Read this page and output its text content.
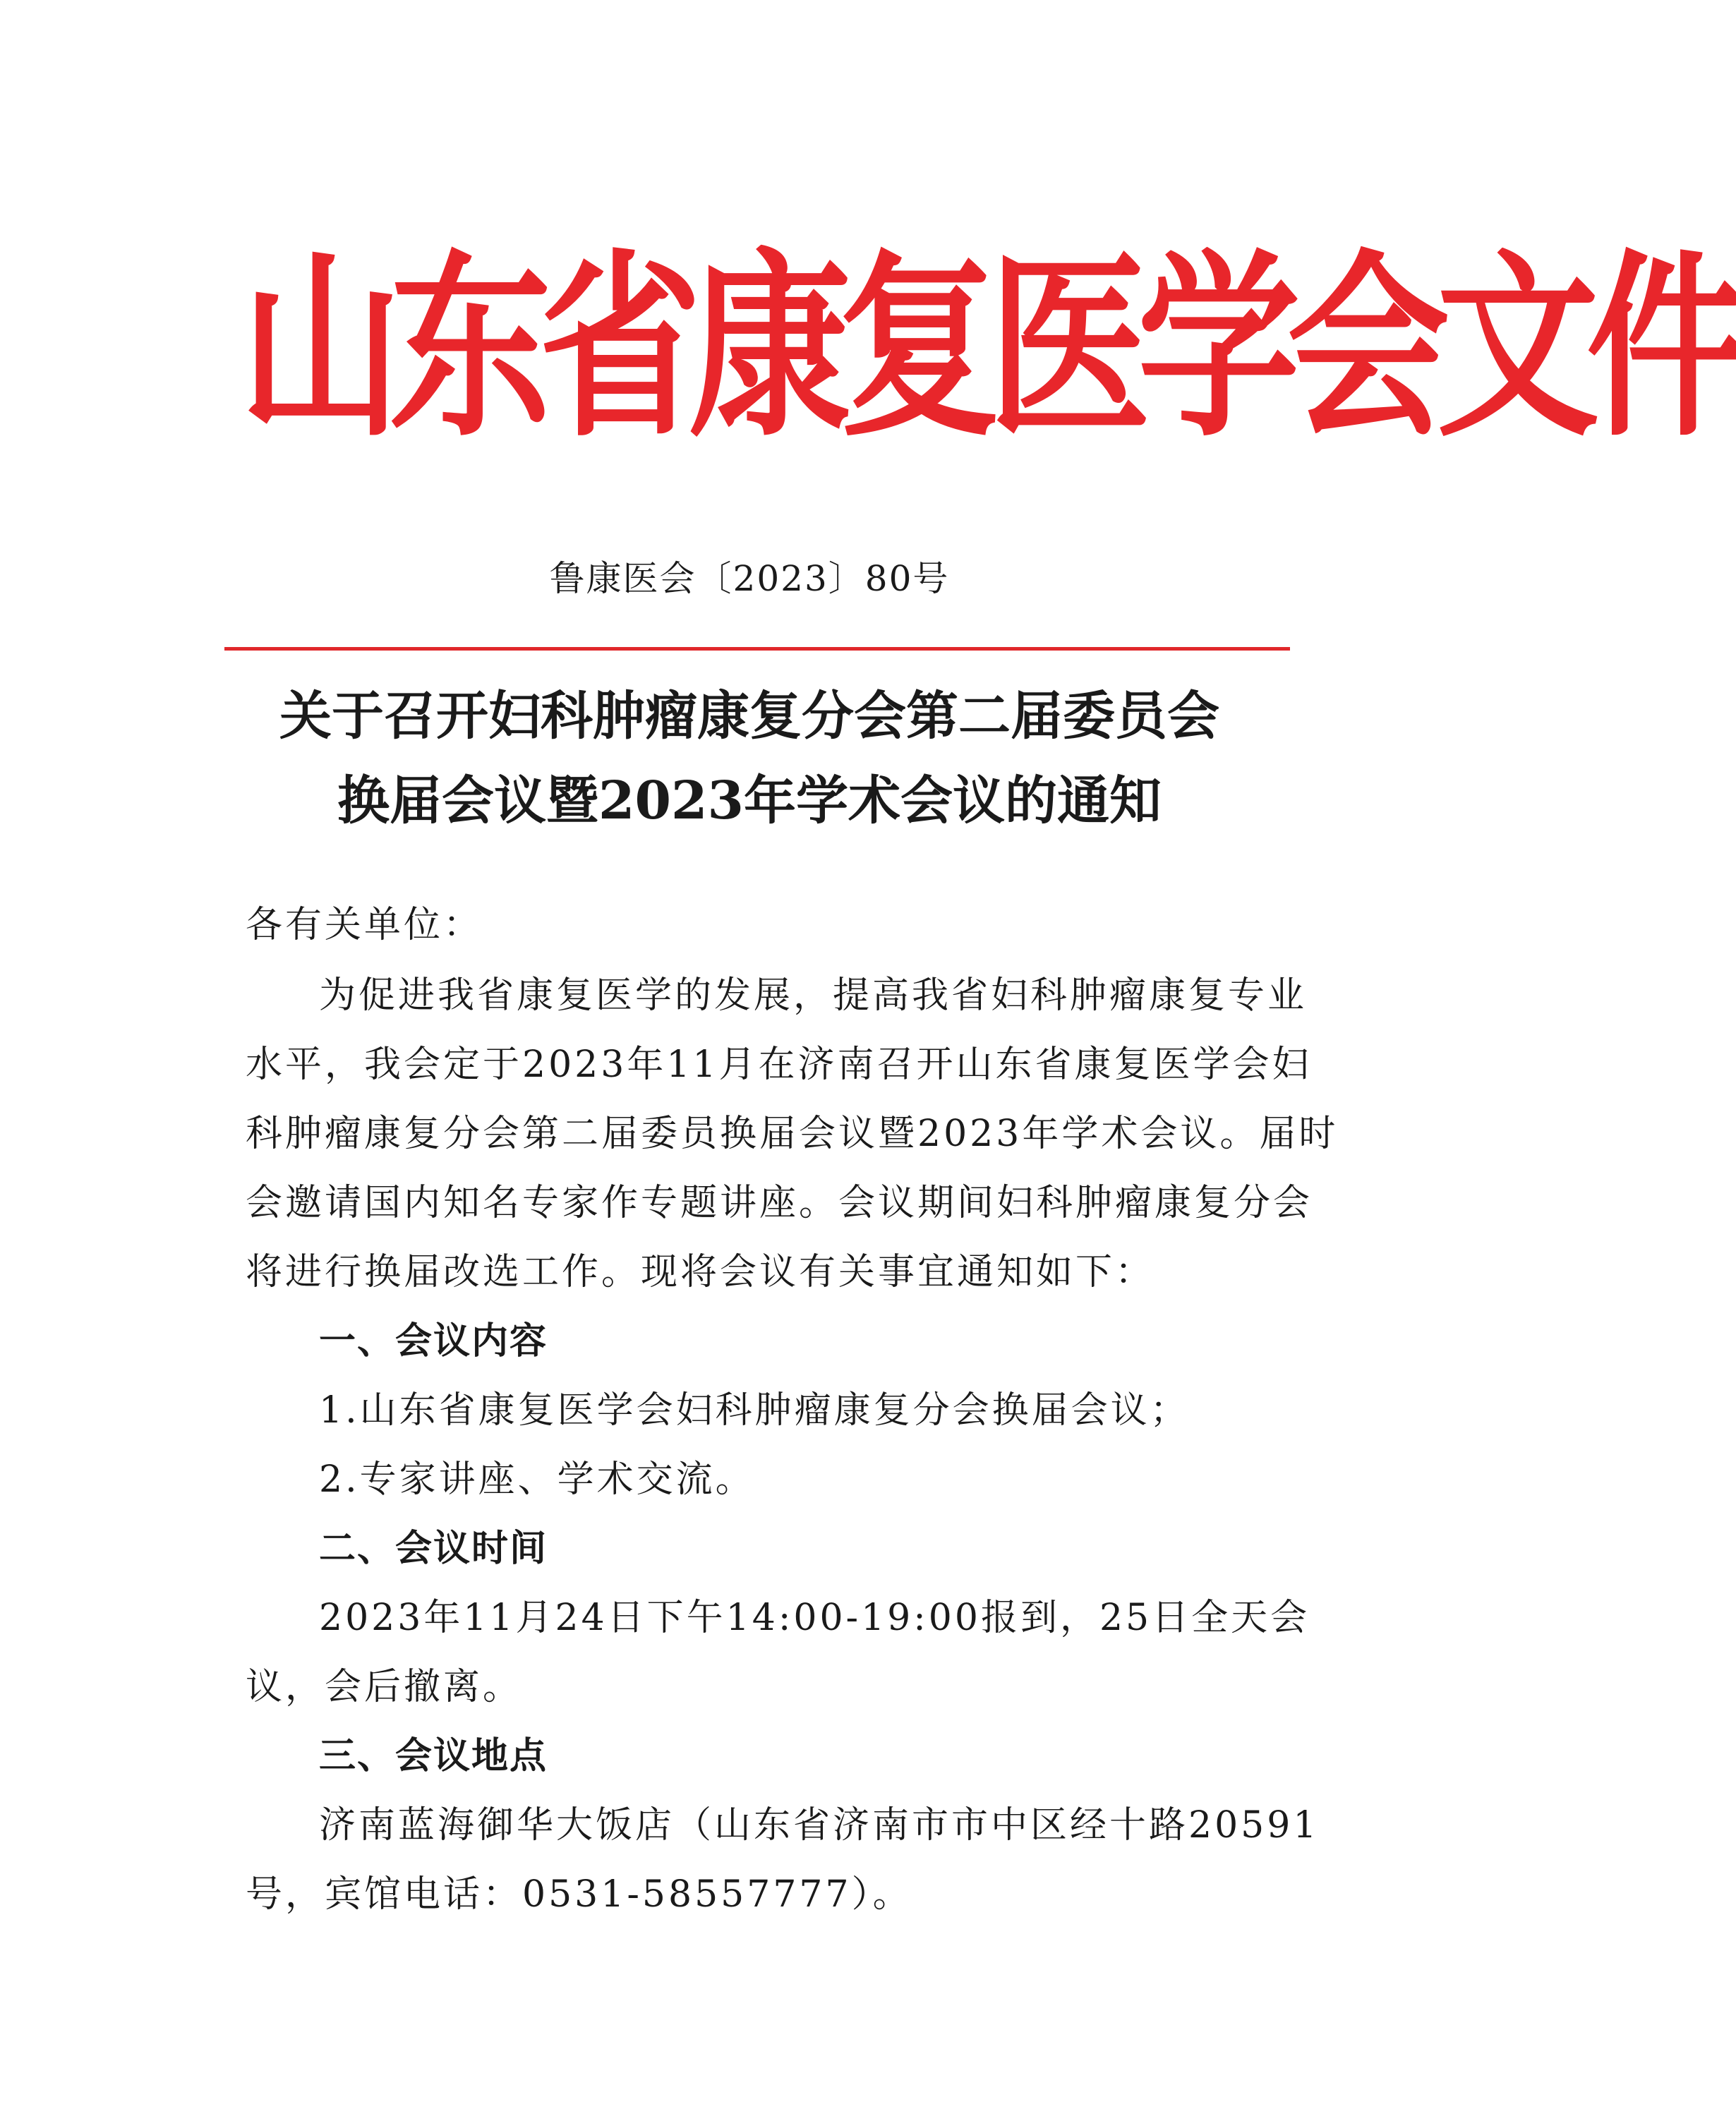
山东省康复医学会文件
鲁康医会〔2023〕80号
关于召开妇科肿瘤康复分会第二届委员会
换届会议暨2023年学术会议的通知
各有关单位：
为促进我省康复医学的发展，提高我省妇科肿瘤康复专业
水平，我会定于2023年11月在济南召开山东省康复医学会妇
科肿瘤康复分会第二届委员换届会议暨2023年学术会议。届时
会邀请国内知名专家作专题讲座。会议期间妇科肿瘤康复分会
将进行换届改选工作。现将会议有关事宜通知如下：
一、会议内容
1.山东省康复医学会妇科肿瘤康复分会换届会议；
2.专家讲座、学术交流。
二、会议时间
2023年11月24日下午14:00-19:00报到，25日全天会
议，会后撤离。
三、会议地点
济南蓝海御华大饭店（山东省济南市市中区经十路20591
号，宾馆电话：0531-58557777）。
